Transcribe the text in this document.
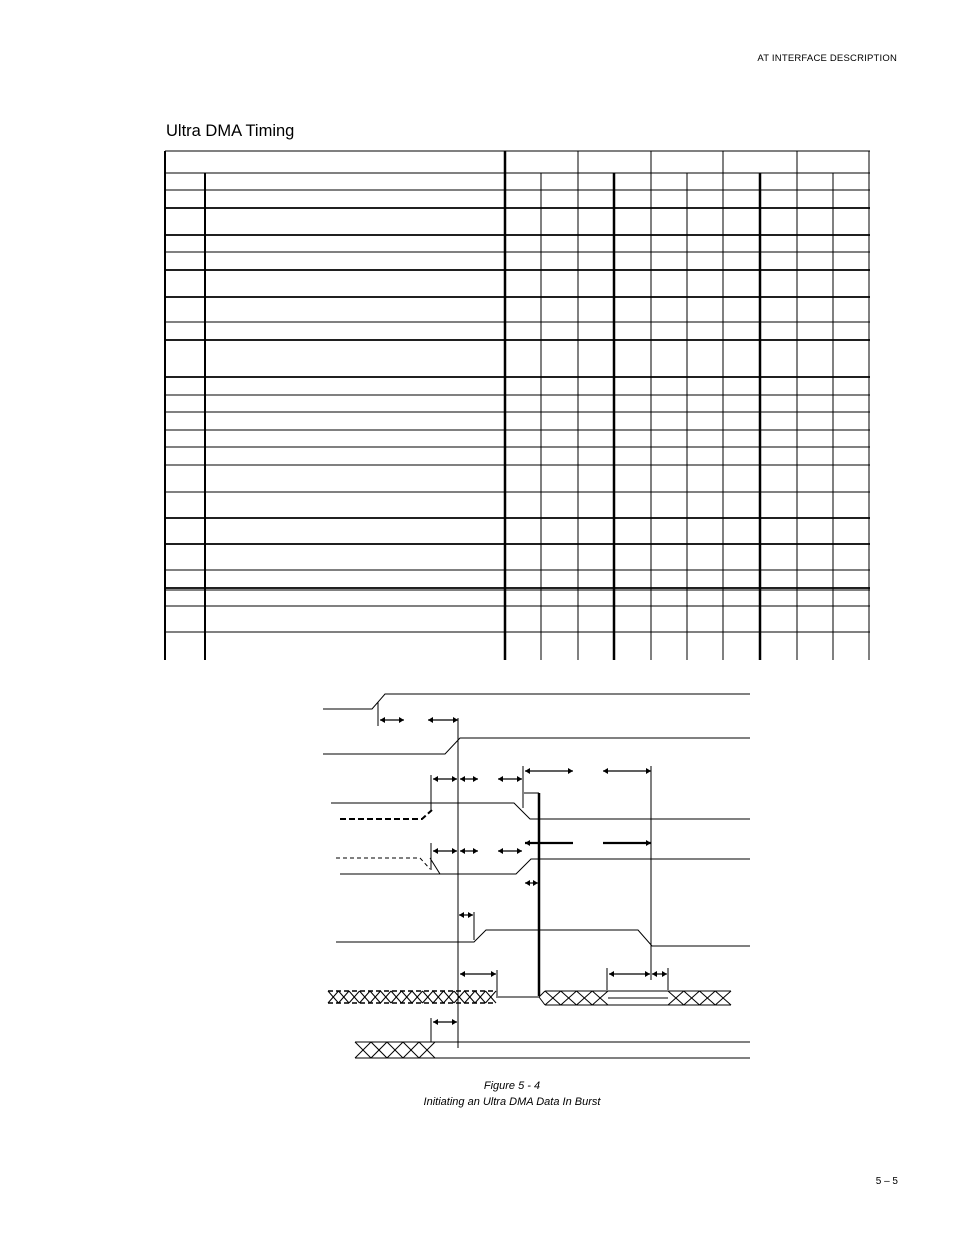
AT INTERFACE DESCRIPTION
Ultra DMA Timing
Figure 5 - 4
Initiating an Ultra DMA Data In Burst
5 – 5
